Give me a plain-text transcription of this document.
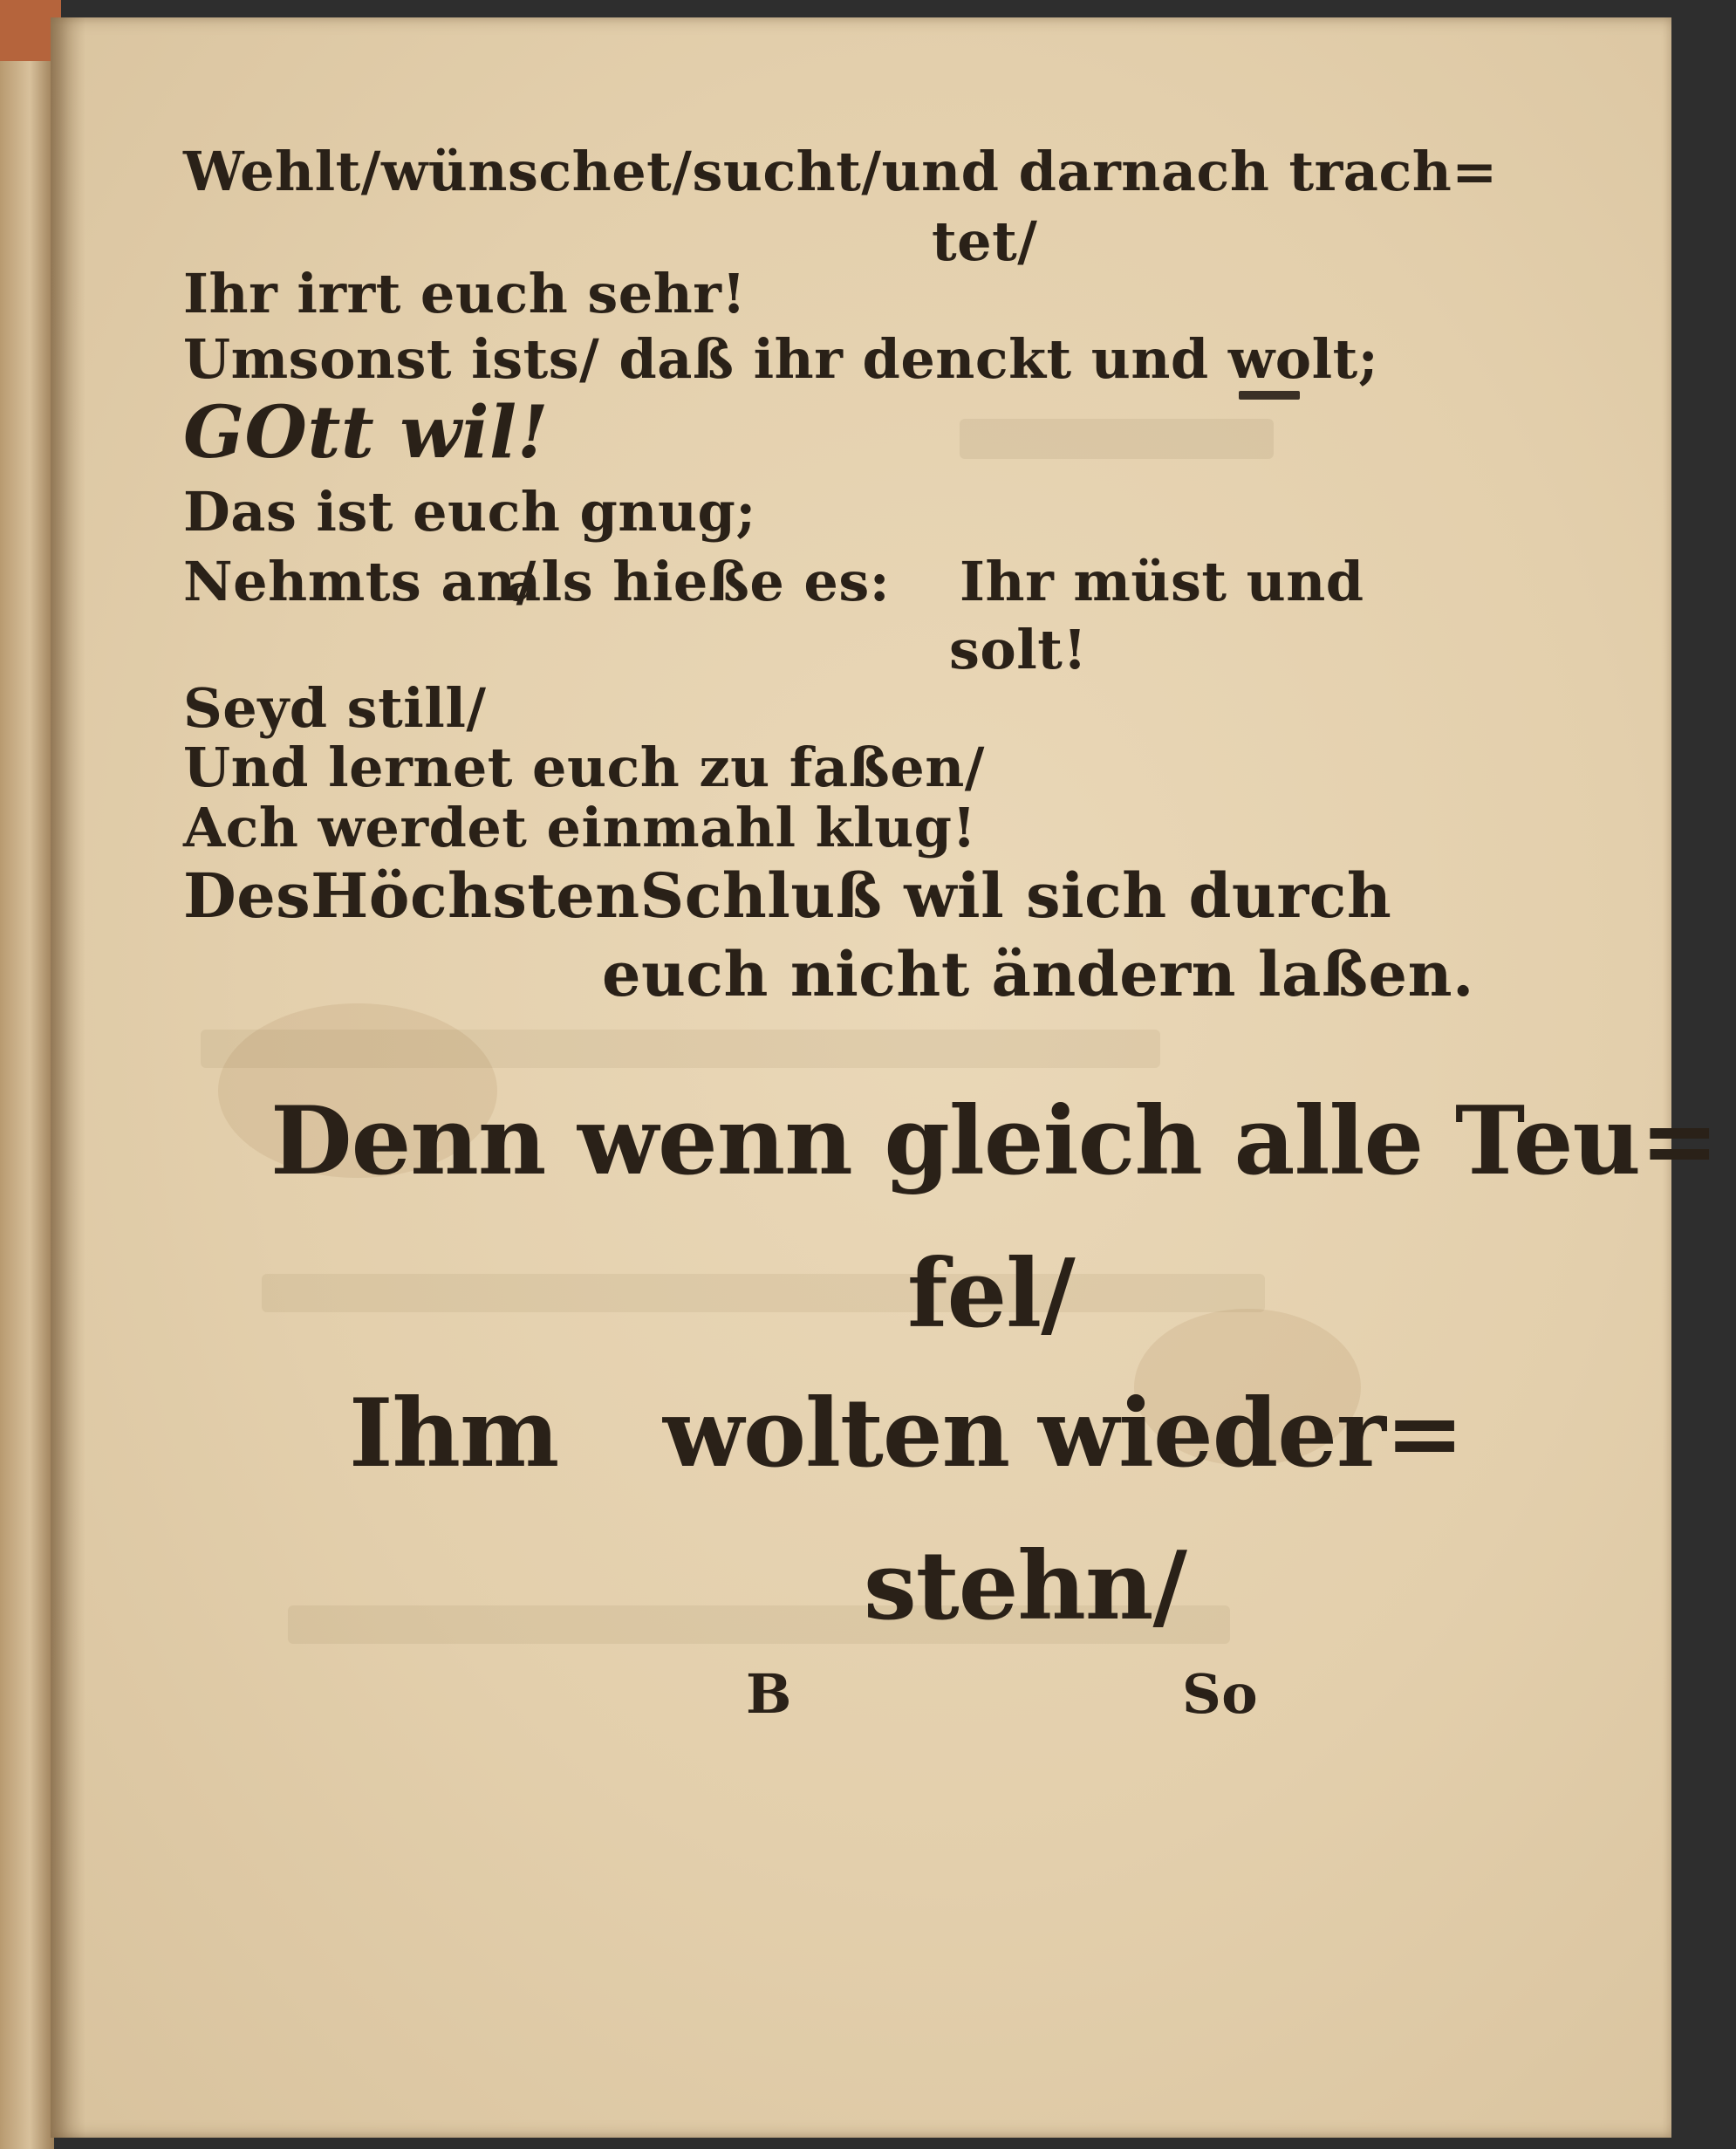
Wehlt/ wünschet/ sucht/ und darnach trach=
tet/
Ihr irrt euch sehr!
Umsonst ists/ daß ihr denckt und wolt;
GOtt wil!
Das ist euch gnug;
Nehmts an/
als hieße es: Ihr müst und
solt!
Seyd still/
Und lernet euch zu faßen/
Ach werdet einmahl klug!
Des Höchsten Schluß wil sich durch
euch nicht ändern laßen.
Denn wenn gleich alle Teu=
fel/
Ihm wolten wieder=
stehn/
B	So
